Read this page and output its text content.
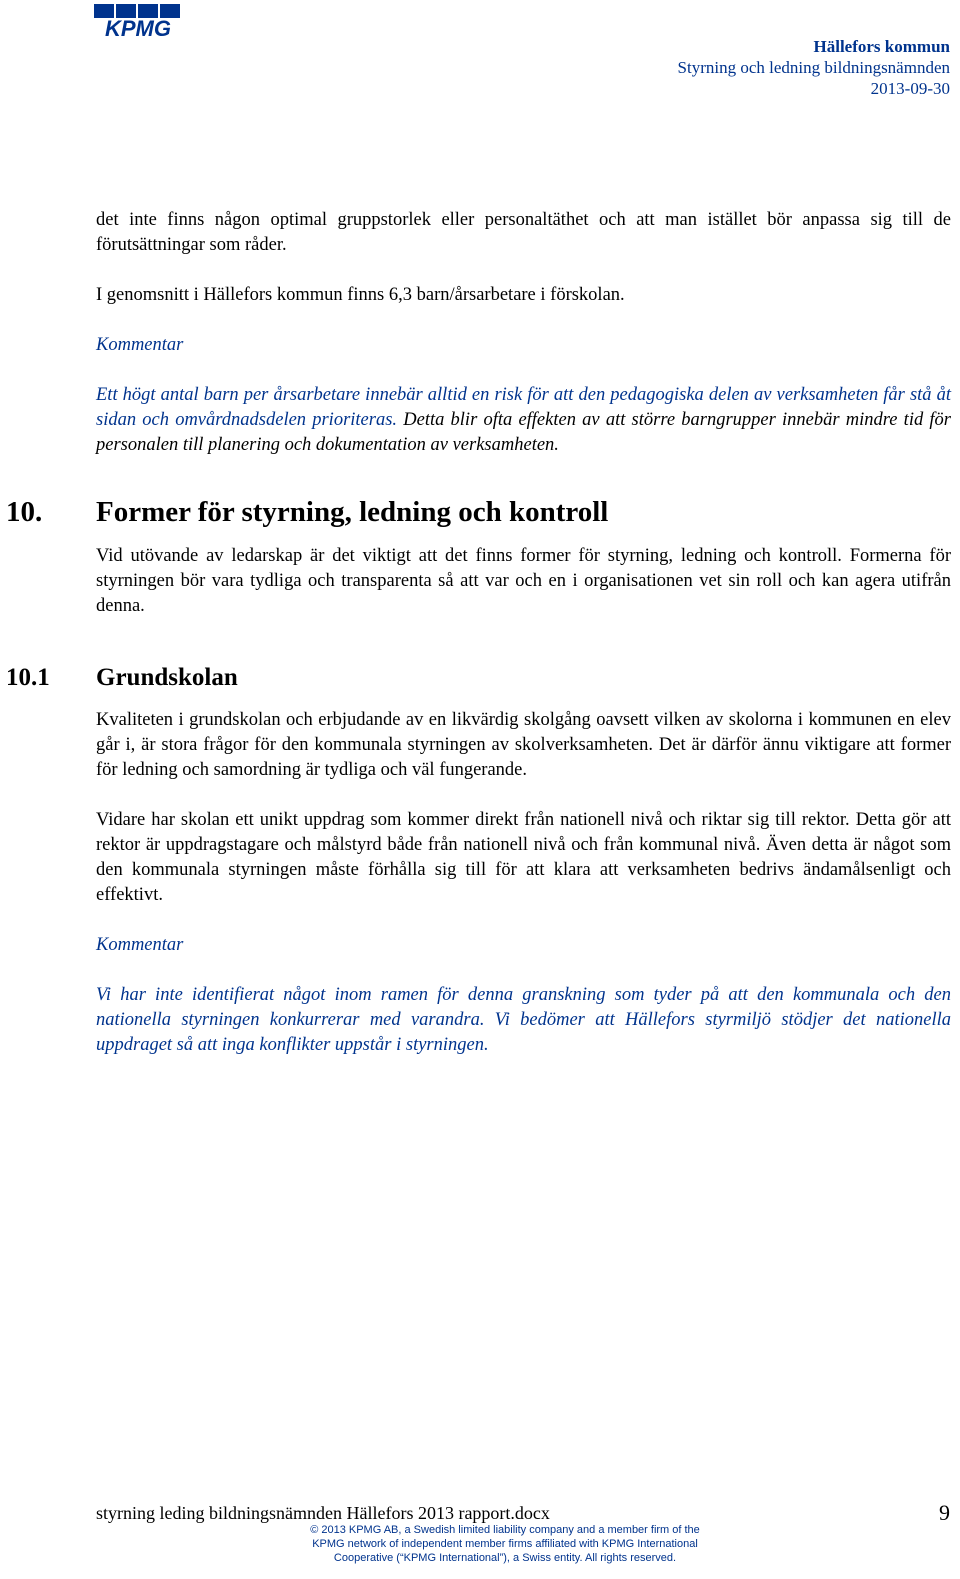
KPMG
Hällefors kommun
Styrning och ledning bildningsnämnden
2013-09-30

det inte finns någon optimal gruppstorlek eller personaltäthet och att man istället bör anpassa sig till de förutsättningar som råder.

I genomsnitt i Hällefors kommun finns 6,3 barn/årsarbetare i förskolan.

Kommentar

Ett högt antal barn per årsarbetare innebär alltid en risk för att den pedagogiska delen av verksamheten får stå åt sidan och omvårdnadsdelen prioriteras. Detta blir ofta effekten av att större barngrupper innebär mindre tid för personalen till planering och dokumentation av verksamheten.

10. Former för styrning, ledning och kontroll

Vid utövande av ledarskap är det viktigt att det finns former för styrning, ledning och kontroll. Formerna för styrningen bör vara tydliga och transparenta så att var och en i organisationen vet sin roll och kan agera utifrån denna.

10.1 Grundskolan

Kvaliteten i grundskolan och erbjudande av en likvärdig skolgång oavsett vilken av skolorna i kommunen en elev går i, är stora frågor för den kommunala styrningen av skolverksamheten. Det är därför ännu viktigare att former för ledning och samordning är tydliga och väl fungerande.

Vidare har skolan ett unikt uppdrag som kommer direkt från nationell nivå och riktar sig till rektor. Detta gör att rektor är uppdragstagare och målstyrd både från nationell nivå och från kommunal nivå. Även detta är något som den kommunala styrningen måste förhålla sig till för att klara att verksamheten bedrivs ändamålsenligt och effektivt.

Kommentar

Vi har inte identifierat något inom ramen för denna granskning som tyder på att den kommunala och den nationella styrningen konkurrerar med varandra. Vi bedömer att Hällefors styrmiljö stödjer det nationella uppdraget så att inga konflikter uppstår i styrningen.

styrning leding bildningsnämnden Hällefors 2013 rapport.docx	9
© 2013 KPMG AB, a Swedish limited liability company and a member firm of the
KPMG network of independent member firms affiliated with KPMG International
Cooperative (“KPMG International”), a Swiss entity. All rights reserved.
